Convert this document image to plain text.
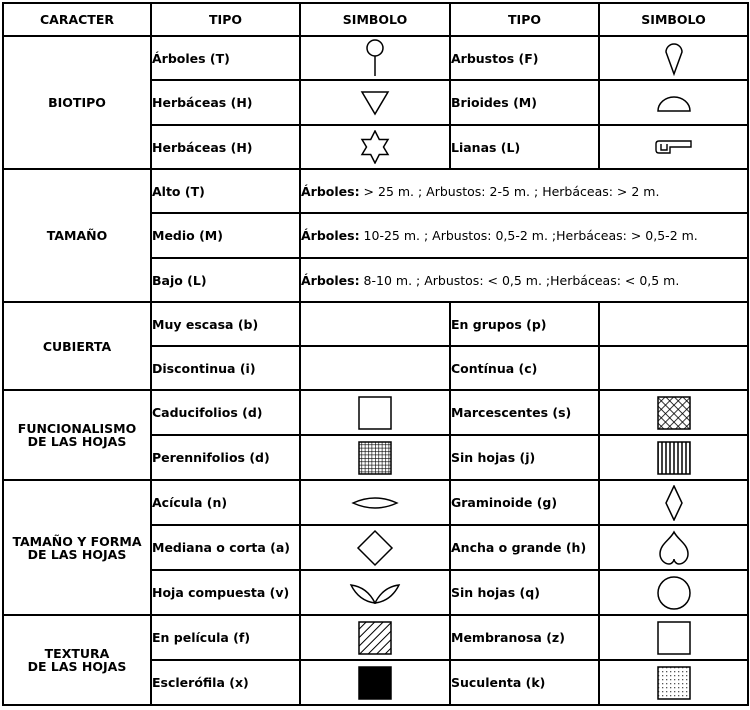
CARACTER	TIPO	SIMBOLO	TIPO	SIMBOLO
BIOTIPO	Árboles (T)		Arbustos (F)	

	Herbáceas (H)		Brioides (M)	

	Herbáceas (H)		Lianas (L)	

TAMAÑO	Alto (T)	Árboles: > 25 m. ; Arbustos: 2-5 m. ; Herbáceas: > 2 m.		
	Medio (M)	Árboles: 10-25 m. ; Arbustos: 0,5-2 m. ;Herbáceas: > 0,5-2 m.		
	Bajo (L)	Árboles: 8-10 m. ; Arbustos: < 0,5 m. ;Herbáceas: < 0,5 m.		
CUBIERTA	Muy escasa (b)		En grupos (p)	
	Discontinua (i)		Contínua (c)	
FUNCIONALISMO
DE LAS HOJAS	Caducifolios (d)		Marcescentes (s)	

	Perennifolios (d)		Sin hojas (j)	

TAMAÑO Y FORMA
DE LAS HOJAS	Acícula (n)		Graminoide (g)	

	Mediana o corta (a)		Ancha o grande (h)	

	Hoja compuesta (v)		Sin hojas (q)	

TEXTURA
DE LAS HOJAS	En película (f)		Membranosa (z)	

	Esclerófila (x)		Suculenta (k)	
